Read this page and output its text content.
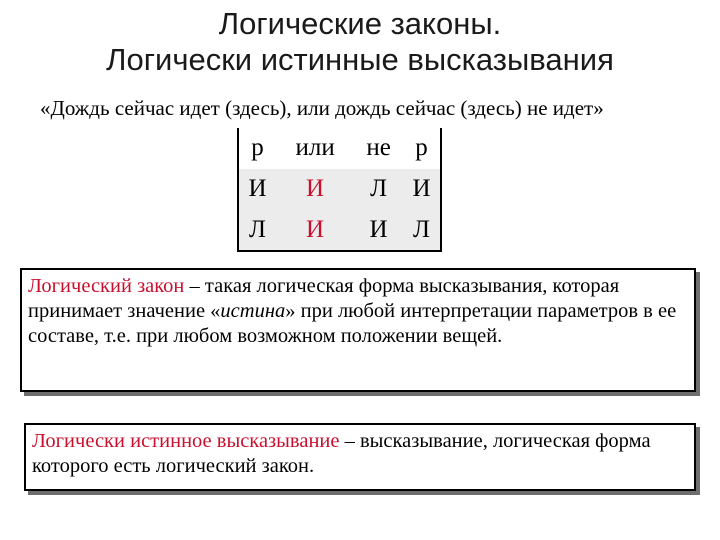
Логические законы.
Логически истинные высказывания
«Дождь сейчас идет (здесь), или дождь сейчас (здесь) не идет»
р	или	не	р
И	И	Л	И
Л	И	И	Л
Логический закон – такая логическая форма высказывания, которая принимает значение «истина» при любой интерпретации параметров в ее составе, т.е. при любом возможном положении вещей.
Логически истинное высказывание – высказывание, логическая форма которого есть логический закон.
